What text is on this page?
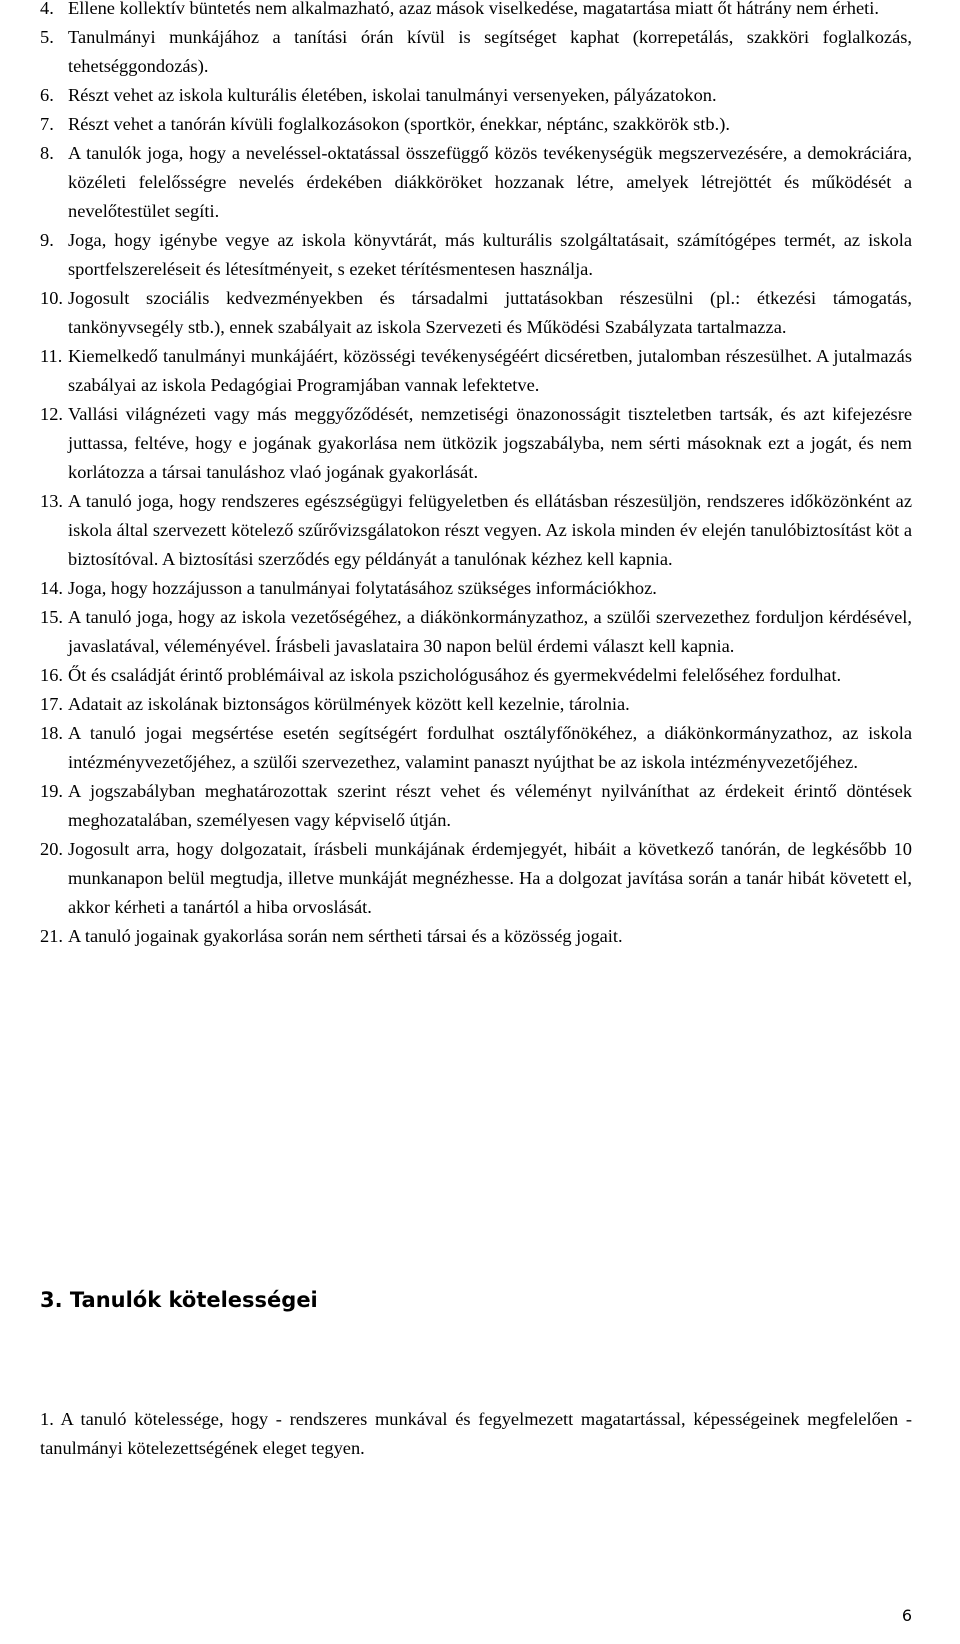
4. Ellene kollektív büntetés nem alkalmazható, azaz mások viselkedése, magatartása miatt őt hátrány nem érheti.
5. Tanulmányi munkájához a tanítási órán kívül is segítséget kaphat (korrepetálás, szakköri foglalkozás, tehetséggondozás).
6. Részt vehet az iskola kulturális életében, iskolai tanulmányi versenyeken, pályázatokon.
7. Részt vehet a tanórán kívüli foglalkozásokon (sportkör, énekkar, néptánc, szakkörök stb.).
8. A tanulók joga, hogy a neveléssel-oktatással összefüggő közös tevékenységük megszervezésére, a demokráciára, közéleti felelősségre nevelés érdekében diákköröket hozzanak létre, amelyek létrejöttét és működését a nevelőtestület segíti.
9. Joga, hogy igénybe vegye az iskola könyvtárát, más kulturális szolgáltatásait, számítógépes termét, az iskola sportfelszereléseit és létesítményeit, s ezeket térítésmentesen használja.
10. Jogosult szociális kedvezményekben és társadalmi juttatásokban részesülni (pl.: étkezési támogatás, tankönyvsegély stb.), ennek szabályait az iskola Szervezeti és Működési Szabályzata tartalmazza.
11. Kiemelkedő tanulmányi munkájáért, közösségi tevékenységéért dicséretben, jutalomban részesülhet. A jutalmazás szabályai az iskola Pedagógiai Programjában vannak lefektetve.
12. Vallási világnézeti vagy más meggyőződését, nemzetiségi önazonosságit tiszteletben tartsák, és azt kifejezésre juttassa, feltéve, hogy e jogának gyakorlása nem ütközik jogszabályba, nem sérti másoknak ezt a jogát, és nem korlátozza a társai tanuláshoz vlaó jogának gyakorlását.
13. A tanuló joga, hogy rendszeres egészségügyi felügyeletben és ellátásban részesüljön, rendszeres időközönként az iskola által szervezett kötelező szűrővizsgálatokon részt vegyen. Az iskola minden év elején tanulóbiztosítást köt a biztosítóval. A biztosítási szerződés egy példányát a tanulónak kézhez kell kapnia.
14. Joga, hogy hozzájusson a tanulmányai folytatásához szükséges információkhoz.
15. A tanuló joga, hogy az iskola vezetőségéhez, a diákönkormányzathoz, a szülői szervezethez forduljon kérdésével, javaslatával, véleményével. Írásbeli javaslataira 30 napon belül érdemi választ kell kapnia.
16. Őt és családját érintő problémáival az iskola pszichológusához és gyermekvédelmi felelőséhez fordulhat.
17. Adatait az iskolának biztonságos körülmények között kell kezelnie, tárolnia.
18. A tanuló jogai megsértése esetén segítségért fordulhat osztályfőnökéhez, a diákönkormányzathoz, az iskola intézményvezetőjéhez, a szülői szervezethez, valamint panaszt nyújthat be az iskola intézményvezetőjéhez.
19. A jogszabályban meghatározottak szerint részt vehet és véleményt nyilváníthat az érdekeit érintő döntések meghozatalában, személyesen vagy képviselő útján.
20. Jogosult arra, hogy dolgozatait, írásbeli munkájának érdemjegyét, hibáit a következő tanórán, de legkésőbb 10 munkanapon belül megtudja, illetve munkáját megnézhesse. Ha a dolgozat javítása során a tanár hibát követett el, akkor kérheti a tanártól a hiba orvoslását.
21. A tanuló jogainak gyakorlása során nem sértheti társai és a közösség jogait.
3. Tanulók kötelességei
1. A tanuló kötelessége, hogy - rendszeres munkával és fegyelmezett magatartással, képességeinek megfelelően - tanulmányi kötelezettségének eleget tegyen.
6
